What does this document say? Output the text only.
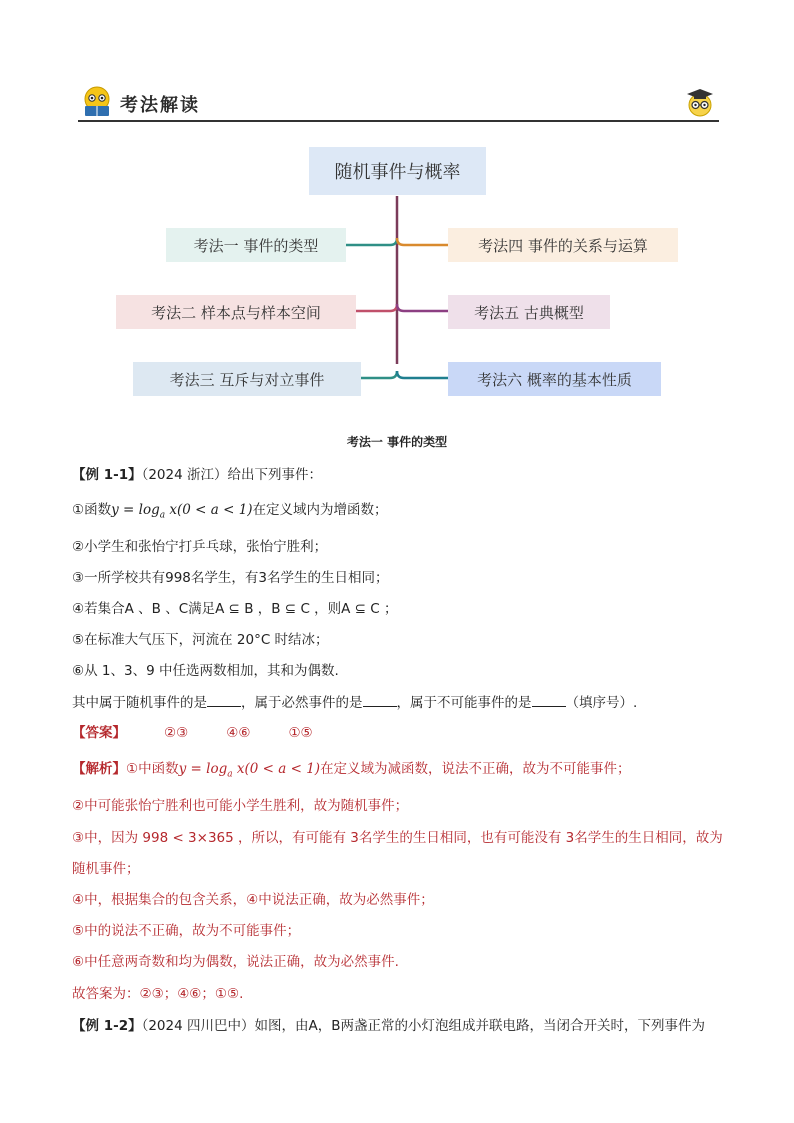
考法解读
随机事件与概率
考法一 事件的类型
考法二 样本点与样本空间
考法三 互斥与对立事件
考法四 事件的关系与运算
考法五 古典概型
考法六 概率的基本性质
考法一 事件的类型
【例 1-1】（2024 浙江）给出下列事件：
①函数$y = \log_a x(0 < a < 1)$在定义域内为增函数；
②小学生和张怡宁打乒乓球，张怡宁胜利；
③一所学校共有998名学生，有3名学生的生日相同；
④若集合A 、B 、C满足A ⊆ B ，B ⊆ C ，则A ⊆ C ；
⑤在标准大气压下，河流在 20°C 时结冰；
⑥从 1、3、9 中任选两数相加，其和为偶数.
其中属于随机事件的是	，属于必然事件的是	，属于不可能事件的是	（填序号）.
【答案】	②③	④⑥	①⑤
【解析】①中函数$y = \log_a x(0 < a < 1)$在定义域为减函数，说法不正确，故为不可能事件；
②中可能张怡宁胜利也可能小学生胜利，故为随机事件；
③中，因为 998 < 3×365 ，所以，有可能有 3名学生的生日相同，也有可能没有 3名学生的生日相同，故为
随机事件；
④中，根据集合的包含关系，④中说法正确，故为必然事件；
⑤中的说法不正确，故为不可能事件；
⑥中任意两奇数和均为偶数，说法正确，故为必然事件.
故答案为：②③；④⑥；①⑤.
【例 1-2】（2024 四川巴中）如图，由A，B两盏正常的小灯泡组成并联电路，当闭合开关时，下列事件为
